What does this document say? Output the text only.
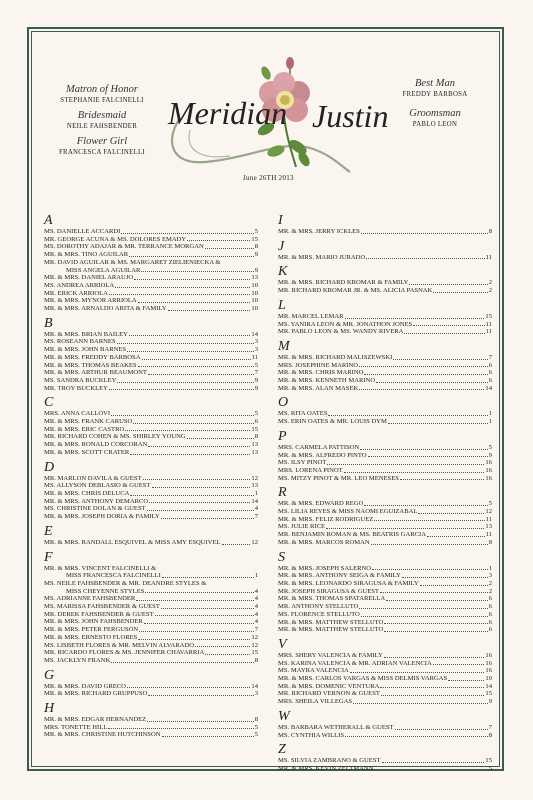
Matron of Honor
STEPHANIE FALCINELLI
Bridesmaid
NEILE FAHSBENDER
Flower Girl
FRANCESCA FALCINELLI
Best Man
FREDDY BARBOSA
Groomsman
PABLO LEON
Meridian Justin
June 26TH 2013
A
MS. DANIELLE ACCARDI	5
MR. GEORGE ACUNA & MS. DOLORES EMADY	15
MS. DOROTHY ADAJAR & MR. TERRANCE MORGAN	8
MR. & MRS. TINO AGUILAR	9
MR. DAVID AGUILAR & MS. MARGARET ZIELIENIECKA &
MISS ANGELA AGUILAR	9
MR. & MRS. DANIEL ARAUJO	13
MS. ANDREA ARRIOLA	10
MR. ERICK ARRIOLA	10
MR. & MRS. MYNOR ARRIOLA	10
MR. & MRS. ARNALDO ARITA & FAMILY	10
B
MR. & MRS. BRIAN BAILEY	14
MS. ROSEANN BARNES	3
MR. & MRS. JOHN BARNES	3
MR. & MRS. FREDDY BARBOSA	11
MR. & MRS. THOMAS BEAKES	5
MR. & MRS. ARTHUR BEAUMONT	7
MS. SANDRA BUCKLEY	9
MR. TROY BUCKLEY	9
C
MRS. ANNA CALLOVI	5
MR. & MRS. FRANK CARUSO	6
MR. & MRS. ERIC CASTRO	15
MR. RICHARD COHEN & MS. SHIRLEY YOUNG	8
MR. & MRS. RONALD CORCORAN	13
MR. & MRS. SCOTT CRATER	13
D
MR. MARLON DAVILA & GUEST	12
MS. ALLYSON DEBLASIO & GUEST	13
MR. & MRS. CHRIS DELUCA	1
MR. & MRS. ANTHONY DEMARCO	14
MS. CHRISTINE DOLAN & GUEST	4
MR. & MRS. JOSEPH DORIA & FAMILY	7
E
MR. & MRS. RANDALL ESQUIVEL & MISS AMY ESQUIVEL	12
F
MR. & MRS. VINCENT FALCINELLI &
MISS FRANCESCA FALCINELLI	1
MS. NEILE FAHSBENDER & MR. DEANDRE STYLES &
MISS CHEYENNE STYLES	4
MS. ADRIANNE FAHSBENDER	4
MS. MARISSA FAHSBENDER & GUEST	4
MR. DEREK FAHSBENDER & GUEST	4
MR. & MRS. JOHN FAHSBENDER	4
MR. & MRS. PETER FERGUSON	7
MR. & MRS. ERNESTO FLORES	12
MS. LISBETH FLORES & MR. MELVIN ALVARADO	12
MR. RICARDO FLORES & MS. JENNIFER CHAVARRIA	15
MS. JACKLYN FRANK	8
G
MR. & MRS. DAVID GRECO	14
MR. & MRS. RICHARD GRUPPUSO	3
H
MR. & MRS. EDGAR HERNANDEZ	8
MRS. TONETTE HILL	5
MR. & MRS. CHRISTINE HUTCHINSON	5
I
MR. & MRS. JERRY ICKLES	8
J
MR. & MRS. MARIO JURADO	11
K
MR. & MRS. RICHARD KROMAR & FAMILY	2
MR. RICHARD KROMAR JR. & MS. ALICIA PASNAK	2
L
MR. MARCEL LEMAR	15
MS. YANIRA LEON & MR. JONATHON JONES	11
MR. PABLO LEON & MS. WANDY RIVERA	11
M
MR. & MRS. RICHARD MALISZEWSKI	7
MRS. JOSEPHINE MARINO	6
MR. & MRS. CHRIS MARINO	6
MR. & MRS. KENNETH MARINO	6
MR. & MRS. ALAN MASEK	14
O
MS. RITA OATES	1
MS. ERIN OATES & MR. LOUIS DYM	1
P
MRS. CARMELA PATTISON	5
MR. & MRS. ALFREDO PINTO	9
MS. ILSY PINOT	16
MRS. LORENA PINOT	16
MS. MITZY PINOT & MR. LEO MENESES	16
R
MR. & MRS. EDWARD REGO	5
MS. LILIA REYES & MISS NAOMI EGUIZABAL	12
MR. & MRS. FELIZ RODRIGUEZ	11
MS. JULIE RICE	13
MR. BENJAMIN ROMAN & MS. BEATRIS GARCIA	11
MR. & MRS. MARCOS ROMAN	8
S
MR. & MRS. JOSEPH SALERNO	1
MR. & MRS. ANTHONY SEIGA & FAMILY	3
MR. & MRS. LEONARDO SIRAGUSA & FAMILY	2
MR. JOSEPH SIRAGUSA & GUEST	2
MR. & MRS. THOMAS SPATARELLA	6
MR. ANTHONY STELLUTO	6
MS. FLORENCE STELLUTO	6
MR. & MRS. MATTHEW STELLUTO	6
MR. & MRS. MATTHEW STELLUTO	6
V
MRS. SHERY VALENCIA & FAMILY	16
MS. KARINA VALENCIA & MR. ADRIAN VALENCIA	16
MS. MAYRA VALENCIA	16
MR. & MRS. CARLOS VARGAS & MISS DELMIS VARGAS	10
MR. & MRS. DOMENIC VENTURA	14
MR. RICHARD VERNON & GUEST	15
MRS. SHEILA VILLEGAS	9
W
MS. BARBARA WETHERALL & GUEST	7
MS. CYNTHIA WILLIS	8
Z
MS. SILVIA ZAMBRANO & GUEST	15
MR. & MRS. KEVIN ZELTMANN	5
